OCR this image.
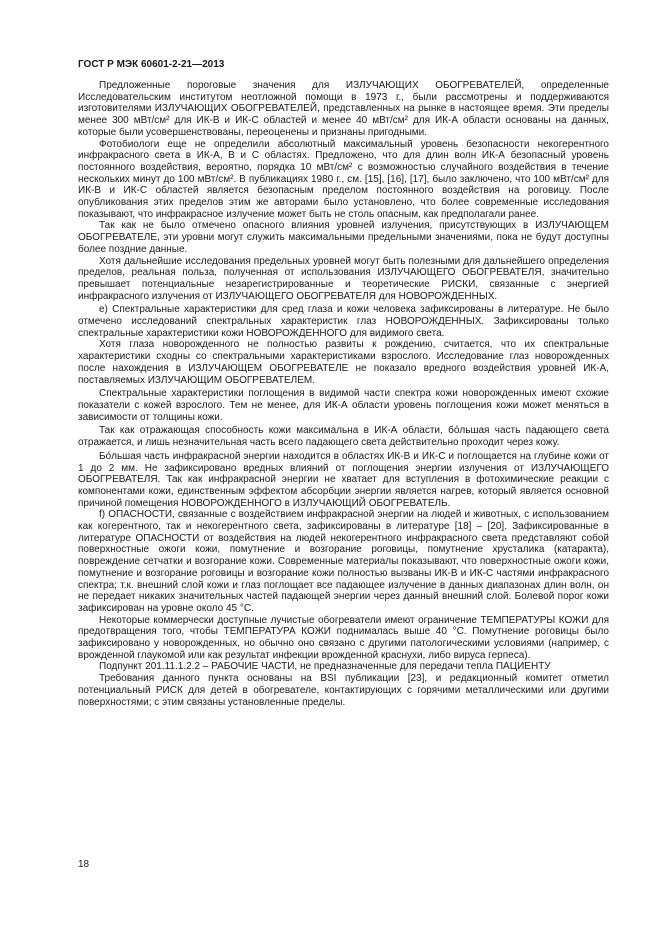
ГОСТ Р МЭК 60601-2-21—2013

Предложенные пороговые значения для ИЗЛУЧАЮЩИХ ОБОГРЕВАТЕЛЕЙ, определенные Исследовательским институтом неотложной помощи в 1973 г., были рассмотрены и поддерживаются изготовителями ИЗЛУЧАЮЩИХ ОБОГРЕВАТЕЛЕЙ, представленных на рынке в настоящее время. Эти пределы менее 300 мВт/см² для ИК-В и ИК-С областей и менее 40 мВт/см² для ИК-А области основаны на данных, которые были усовершенствованы, переоценены и признаны пригодными.

Фотобиологи еще не определили абсолютный максимальный уровень безопасности некогерентного инфракрасного света в ИК-А, В и С областях. Предложено, что для длин волн ИК-А безопасный уровень постоянного воздействия, вероятно, порядка 10 мВт/см² с возможностью случайного воздействия в течение нескольких минут до 100 мВт/см². В публикациях 1980 г., см. [15], [16], [17], было заключено, что 100 мВт/см² для ИК-В и ИК-С областей является безопасным пределом постоянного воздействия на роговицу. После опубликования этих пределов этим же авторами было установлено, что более современные исследования показывают, что инфракрасное излучение может быть не столь опасным, как предполагали ранее.

Так как не было отмечено опасного влияния уровней излучения, присутствующих в ИЗЛУЧАЮЩЕМ ОБОГРЕВАТЕЛЕ, эти уровни могут служить максимальными предельными значениями, пока не будут доступны более поздние данные.

Хотя дальнейшие исследования предельных уровней могут быть полезными для дальнейшего определения пределов, реальная польза, полученная от использования ИЗЛУЧАЮЩЕГО ОБОГРЕВАТЕЛЯ, значительно превышает потенциальные незарегистрированные и теоретические РИСКИ, связанные с энергией инфракрасного излучения от ИЗЛУЧАЮЩЕГО ОБОГРЕВАТЕЛЯ для НОВОРОЖДЕННЫХ.

e) Спектральные характеристики для сред глаза и кожи человека зафиксированы в литературе. Не было отмечено исследований спектральных характеристик глаз НОВОРОЖДЕННЫХ. Зафиксированы только спектральные характеристики кожи НОВОРОЖДЕННОГО для видимого света.

Хотя глаза новорожденного не полностью развиты к рождению, считается, что их спектральные характеристики сходны со спектральными характеристиками взрослого. Исследование глаз новорожденных после нахождения в ИЗЛУЧАЮЩЕМ ОБОГРЕВАТЕЛЕ не показало вредного воздействия уровней ИК-А, поставляемых ИЗЛУЧАЮЩИМ ОБОГРЕВАТЕЛЕМ.

Спектральные характеристики поглощения в видимой части спектра кожи новорожденных имеют схожие показатели с кожей взрослого. Тем не менее, для ИК-А области уровень поглощения кожи может меняться в зависимости от толщины кожи.

Так как отражающая способность кожи максимальна в ИК-А области, бо́льшая часть падающего света отражается, и лишь незначительная часть всего падающего света действительно проходит через кожу.

Бо́льшая часть инфракрасной энергии находится в областях ИК-В и ИК-С и поглощается на глубине кожи от 1 до 2 мм. Не зафиксировано вредных влияний от поглощения энергии излучения от ИЗЛУЧАЮЩЕГО ОБОГРЕВАТЕЛЯ. Так как инфракрасной энергии не хватает для вступления в фотохимические реакции с компонентами кожи, единственным эффектом абсорбции энергии является нагрев, который является основной причиной помещения НОВОРОЖДЕННОГО в ИЗЛУЧАЮЩИЙ ОБОГРЕВАТЕЛЬ.

f) ОПАСНОСТИ, связанные с воздействием инфракрасной энергии на людей и животных, с использованием как когерентного, так и некогерентного света, зафиксированы в литературе [18] – [20]. Зафиксированные в литературе ОПАСНОСТИ от воздействия на людей некогерентного инфракрасного света представляют собой поверхностные ожоги кожи, помутнение и возгорание роговицы, помутнение хрусталика (катаракта), повреждение сетчатки и возгорание кожи. Современные материалы показывают, что поверхностные ожоги кожи, помутнение и возгорание роговицы и возгорание кожи полностью вызваны ИК-В и ИК-С частями инфракрасного спектра; т.к. внешний слой кожи и глаз поглощает все падающее излучение в данных диапазонах длин волн, он не передает никаких значительных частей падающей энергии через данный внешний слой. Болевой порог кожи зафиксирован на уровне около 45 °С.

Некоторые коммерчески доступные лучистые обогреватели имеют ограничение ТЕМПЕРАТУРЫ КОЖИ для предотвращения того, чтобы ТЕМПЕРАТУРА КОЖИ поднималась выше 40 °С. Помутнение роговицы было зафиксировано у новорожденных, но обычно оно связано с другими патологическими условиями (например, с врожденной глаукомой или как результат инфекции врожденной краснухи, либо вируса герпеса).

Подпункт 201.11.1.2.2 – РАБОЧИЕ ЧАСТИ, не предназначенные для передачи тепла ПАЦИЕНТУ

Требования данного пункта основаны на BSI публикации [23], и редакционный комитет отметил потенциальный РИСК для детей в обогревателе, контактирующих с горячими металлическими или другими поверхностями; с этим связаны установленные пределы.

18
